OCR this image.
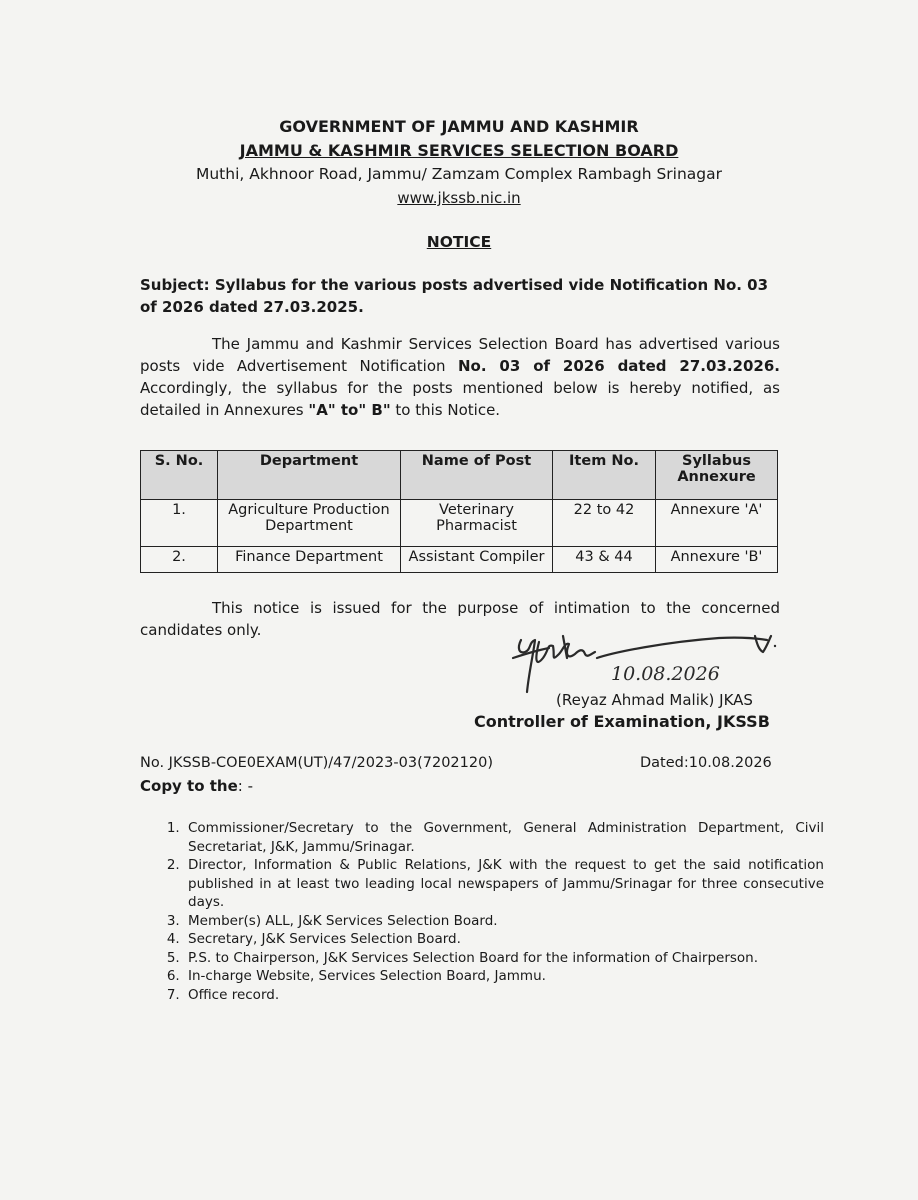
GOVERNMENT OF JAMMU AND KASHMIR
JAMMU & KASHMIR SERVICES SELECTION BOARD
Muthi, Akhnoor Road, Jammu/ Zamzam Complex Rambagh Srinagar
www.jkssb.nic.in
NOTICE
Subject: Syllabus for the various posts advertised vide Notification No. 03 of 2026 dated 27.03.2025.
The Jammu and Kashmir Services Selection Board has advertised various posts vide Advertisement Notification No. 03 of 2026 dated 27.03.2026. Accordingly, the syllabus for the posts mentioned below is hereby notified, as detailed in Annexures "A" to" B" to this Notice.
S. No.	Department	Name of Post	Item No.	Syllabus Annexure
1.	Agriculture Production Department	Veterinary Pharmacist	22 to 42	Annexure 'A'
2.	Finance Department	Assistant Compiler	43 & 44	Annexure 'B'
This notice is issued for the purpose of intimation to the concerned candidates only.
10.08.2026
(Reyaz Ahmad Malik) JKAS
Controller of Examination, JKSSB
No. JKSSB-COE0EXAM(UT)/47/2023-03(7202120)	Dated:10.08.2026
Copy to the: -
1. Commissioner/Secretary to the Government, General Administration Department, Civil Secretariat, J&K, Jammu/Srinagar.
2. Director, Information & Public Relations, J&K with the request to get the said notification published in at least two leading local newspapers of Jammu/Srinagar for three consecutive days.
3. Member(s) ALL, J&K Services Selection Board.
4. Secretary, J&K Services Selection Board.
5. P.S. to Chairperson, J&K Services Selection Board for the information of Chairperson.
6. In-charge Website, Services Selection Board, Jammu.
7. Office record.
